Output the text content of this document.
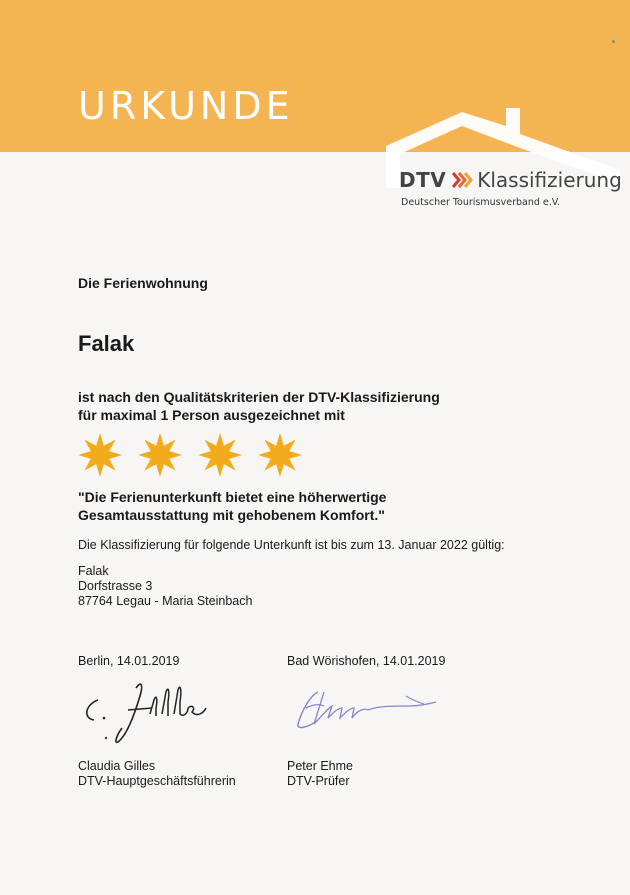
URKUNDE
DTV Klassifizierung
Deutscher Tourismusverband e.V.
Die Ferienwohnung
Falak
ist nach den Qualitätskriterien der DTV-Klassifizierung
für maximal 1 Person ausgezeichnet mit
"Die Ferienunterkunft bietet eine höherwertige
Gesamtausstattung mit gehobenem Komfort."
Die Klassifizierung für folgende Unterkunft ist bis zum 13. Januar 2022 gültig:
Falak
Dorfstrasse 3
87764 Legau - Maria Steinbach
Berlin, 14.01.2019	Bad Wörishofen, 14.01.2019
Claudia Gilles
DTV-Hauptgeschäftsführerin
Peter Ehme
DTV-Prüfer
